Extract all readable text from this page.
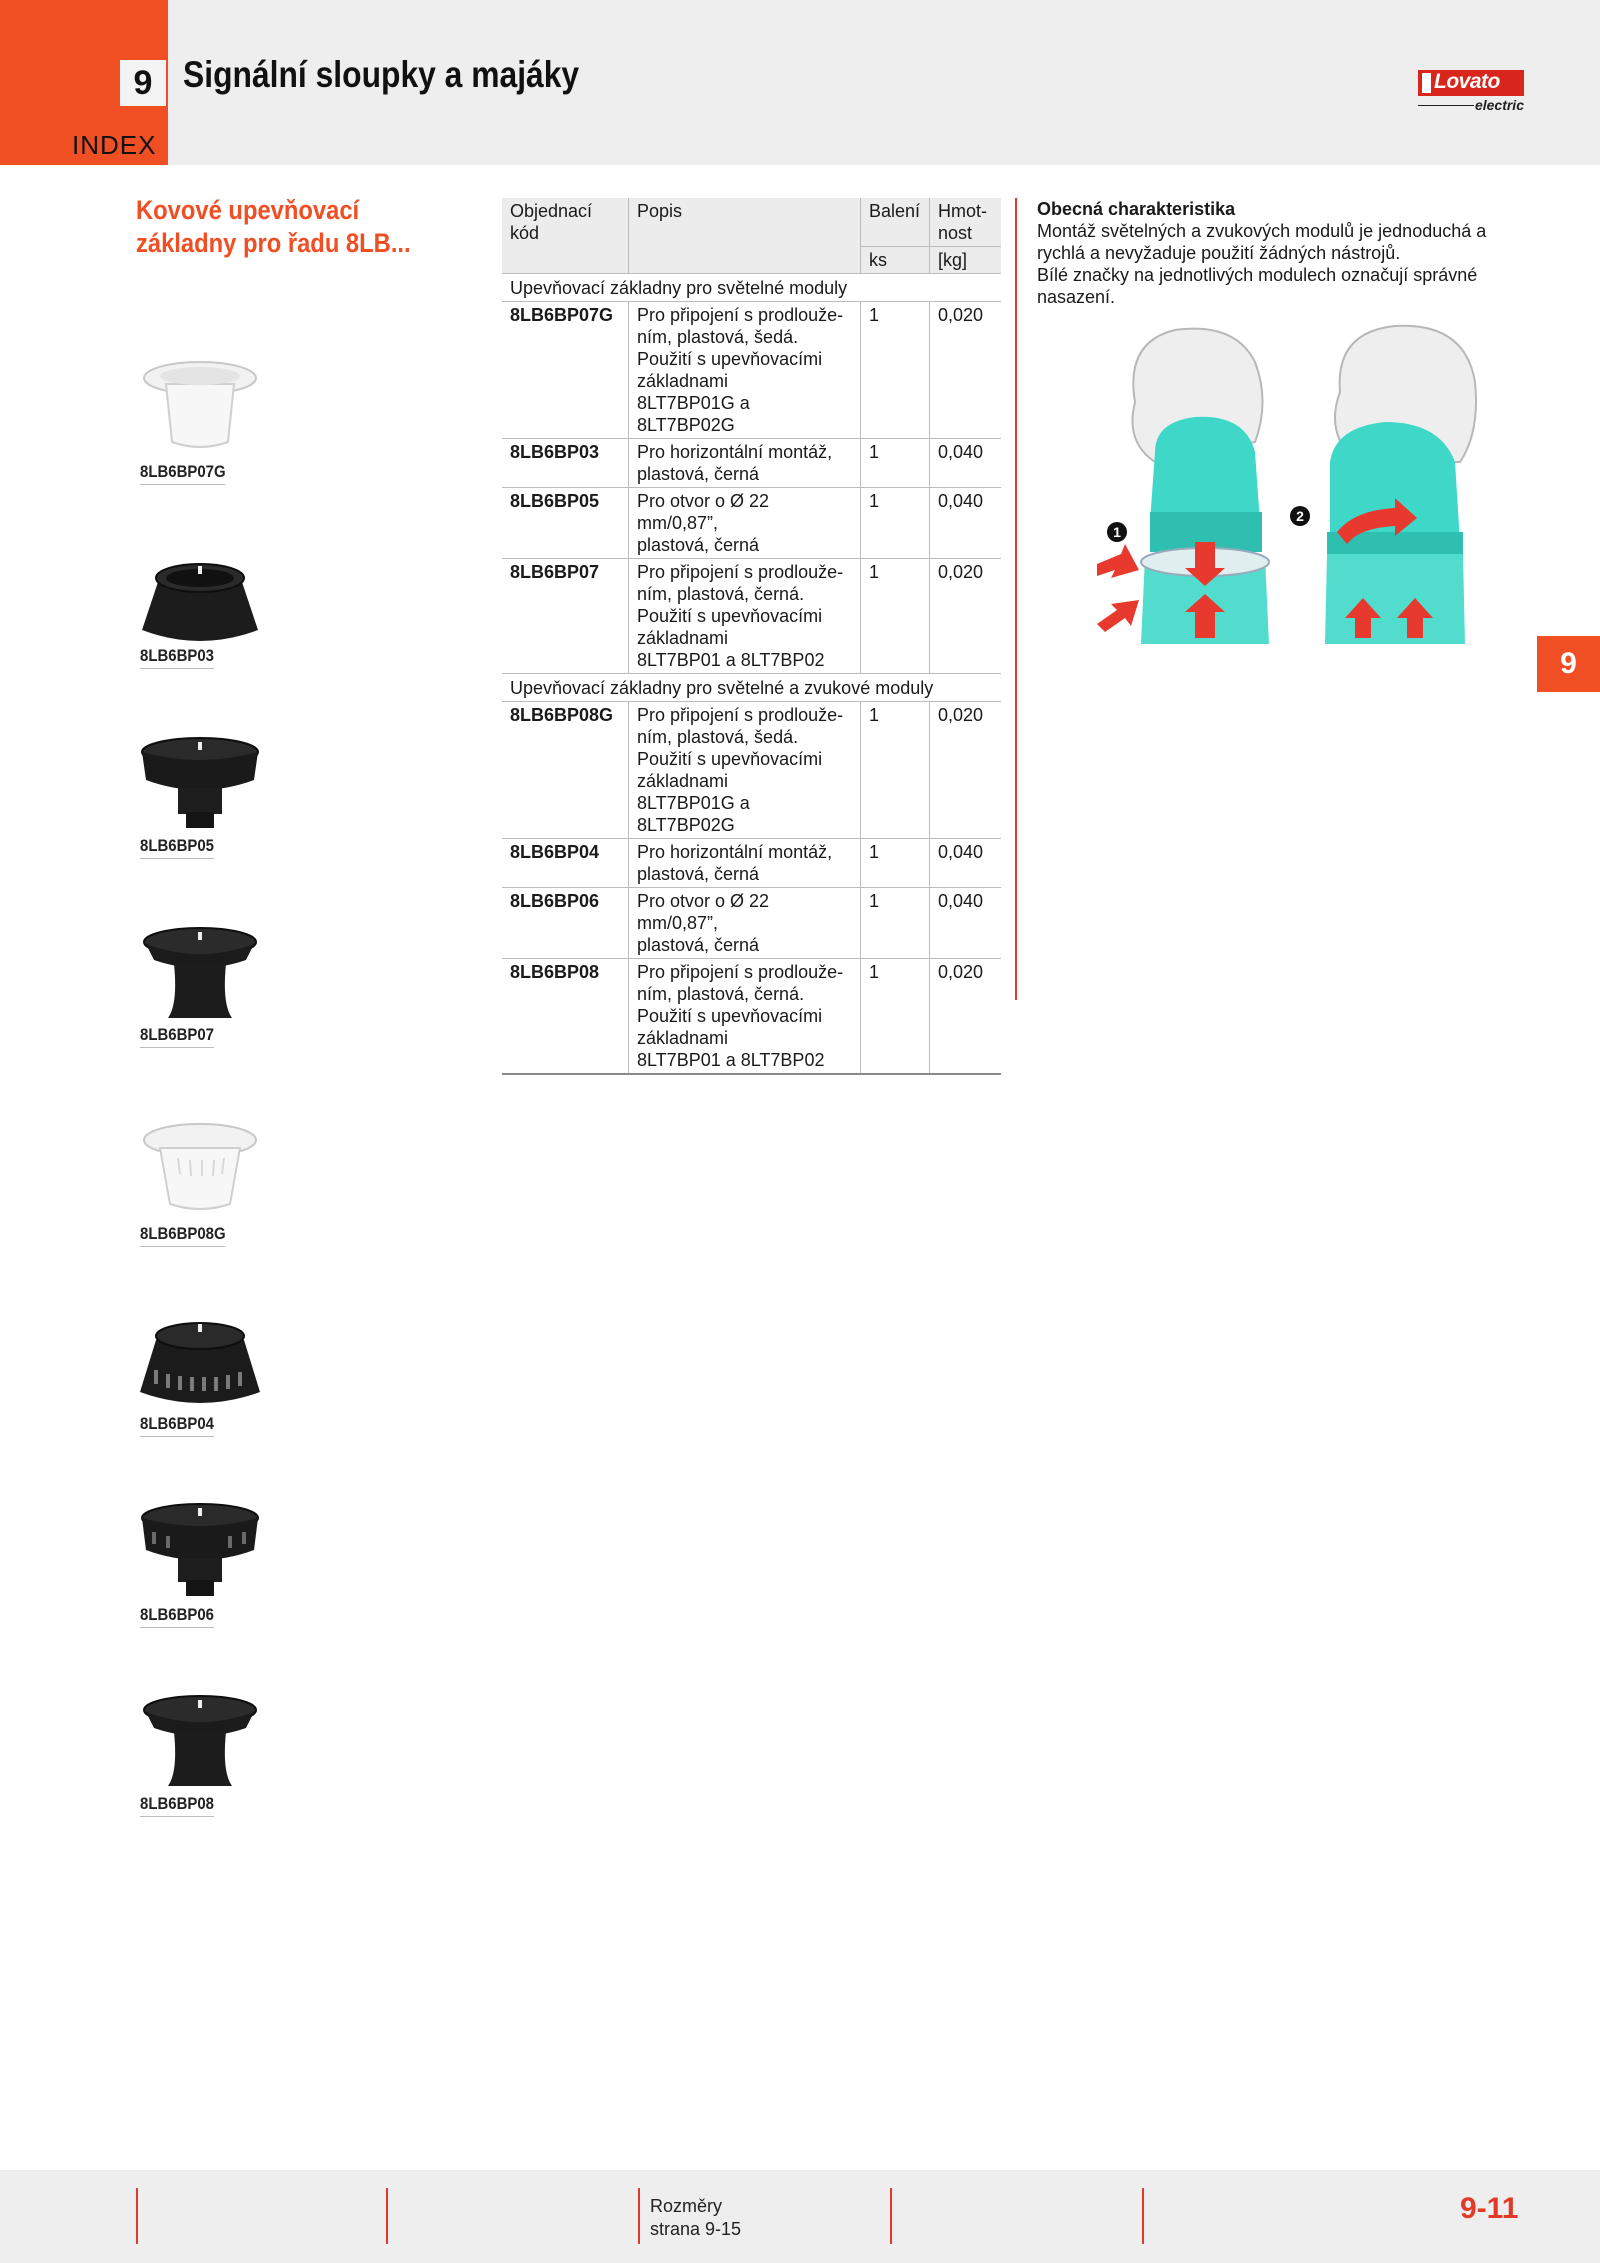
9
INDEX
Signální sloupky a majáky	Lovato
electric
Kovové upevňovací
základny pro řadu 8LB...
8LB6BP07G
8LB6BP03
8LB6BP05
8LB6BP07
8LB6BP08G
8LB6BP04
8LB6BP06
8LB6BP08
Objednací kód	Popis	Balení	Hmot-
nost
		ks	[kg]
Upevňovací základny pro světelné moduly			
8LB6BP07G	Pro připojení s prodlouže-
ním, plastová, šedá.
Použití s upevňovacími
základnami
8LT7BP01G a 8LT7BP02G	1	0,020
8LB6BP03	Pro horizontální montáž,
plastová, černá	1	0,040
8LB6BP05	Pro otvor o Ø 22 mm/0,87”,
plastová, černá	1	0,040
8LB6BP07	Pro připojení s prodlouže-
ním, plastová, černá.
Použití s upevňovacími
základnami
8LT7BP01 a 8LT7BP02	1	0,020
Upevňovací základny pro světelné a zvukové moduly			
8LB6BP08G	Pro připojení s prodlouže-
ním, plastová, šedá.
Použití s upevňovacími
základnami
8LT7BP01G a 8LT7BP02G	1	0,020
8LB6BP04	Pro horizontální montáž,
plastová, černá	1	0,040
8LB6BP06	Pro otvor o Ø 22 mm/0,87”,
plastová, černá	1	0,040
8LB6BP08	Pro připojení s prodlouže-
ním, plastová, černá.
Použití s upevňovacími
základnami
8LT7BP01 a 8LT7BP02	1	0,020
Obecná charakteristika
Montáž světelných a zvukových modulů je jednoduchá a
rychlá a nevyžaduje použití žádných nástrojů.
Bílé značky na jednotlivých modulech označují správné
nasazení.
1
2
9
Rozměry
strana 9-15
9-11
